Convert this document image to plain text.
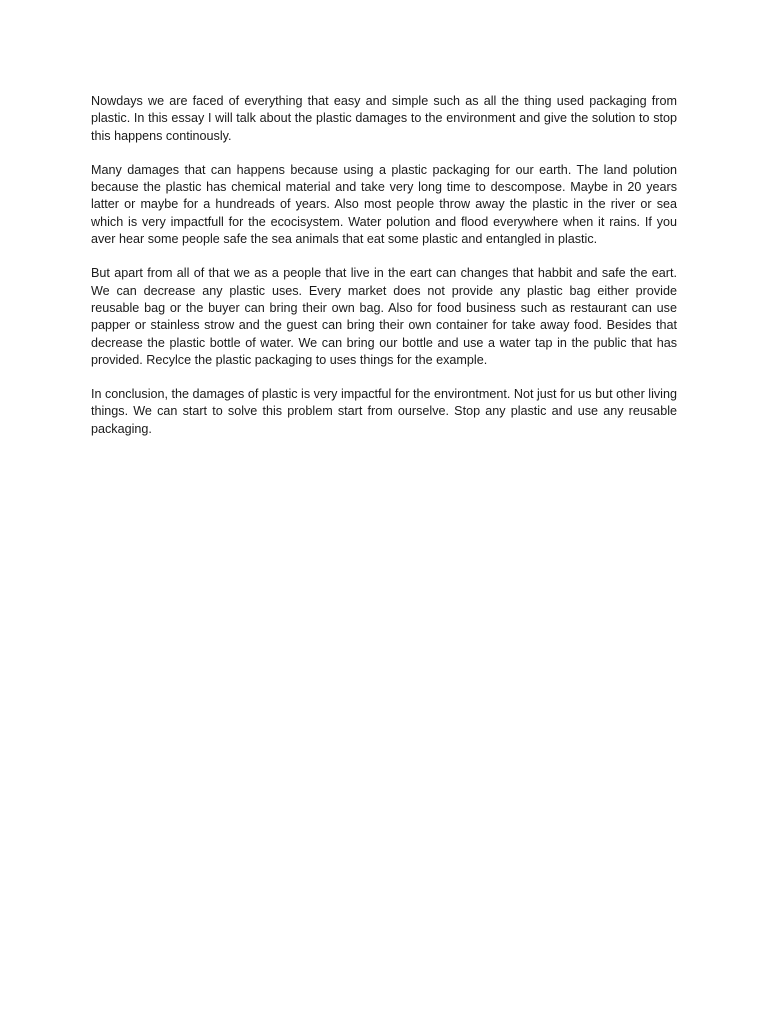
Nowdays we are faced of everything that easy and simple such as all the thing used packaging from plastic. In this essay I will talk about the plastic damages to the environment and give the solution to stop this happens continously.

Many damages that can happens because using a plastic packaging for our earth. The land polution because the plastic has chemical material and take very long time to descompose. Maybe in 20 years latter or maybe for a hundreads of years. Also most people throw away the plastic in the river or sea which is very impactfull for the ecocisystem. Water polution and flood everywhere when it rains. If you aver hear some people safe the sea animals that eat some plastic and entangled in plastic.

But apart from all of that we as a people that live in the eart can changes that habbit and safe the eart. We can decrease any plastic uses. Every market does not provide any plastic bag either provide reusable bag or the buyer can bring their own bag. Also for food business such as restaurant can use papper or stainless strow and the guest can bring their own container for take away food. Besides that decrease the plastic bottle of water. We can bring our bottle and use a water tap in the public that has provided. Recylce the plastic packaging to uses things for the example.

In conclusion, the damages of plastic is very impactful for the environtment. Not just for us but other living things. We can start to solve this problem start from ourselve. Stop any plastic and use any reusable packaging.
